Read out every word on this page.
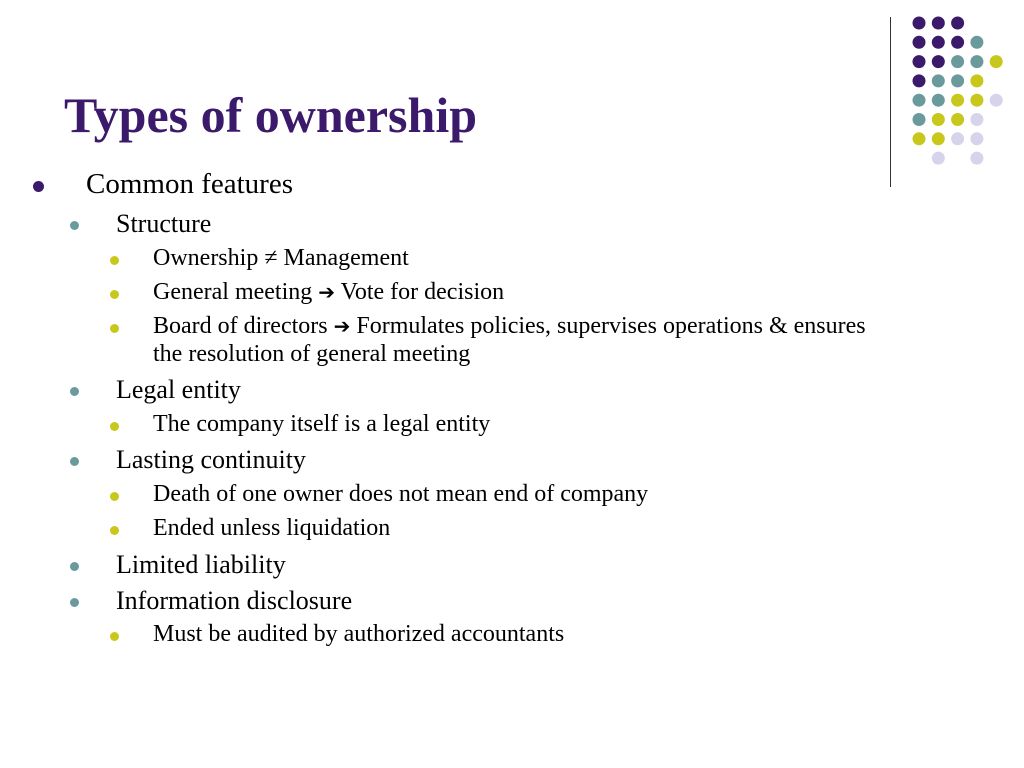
Types of ownership
Common features
Structure
Ownership ≠ Management
General meeting ➔ Vote for decision
Board of directors ➔ Formulates policies, supervises operations & ensures
the resolution of general meeting
Legal entity
The company itself is a legal entity
Lasting continuity
Death of one owner does not mean end of company
Ended unless liquidation
Limited liability
Information disclosure
Must be audited by authorized accountants
